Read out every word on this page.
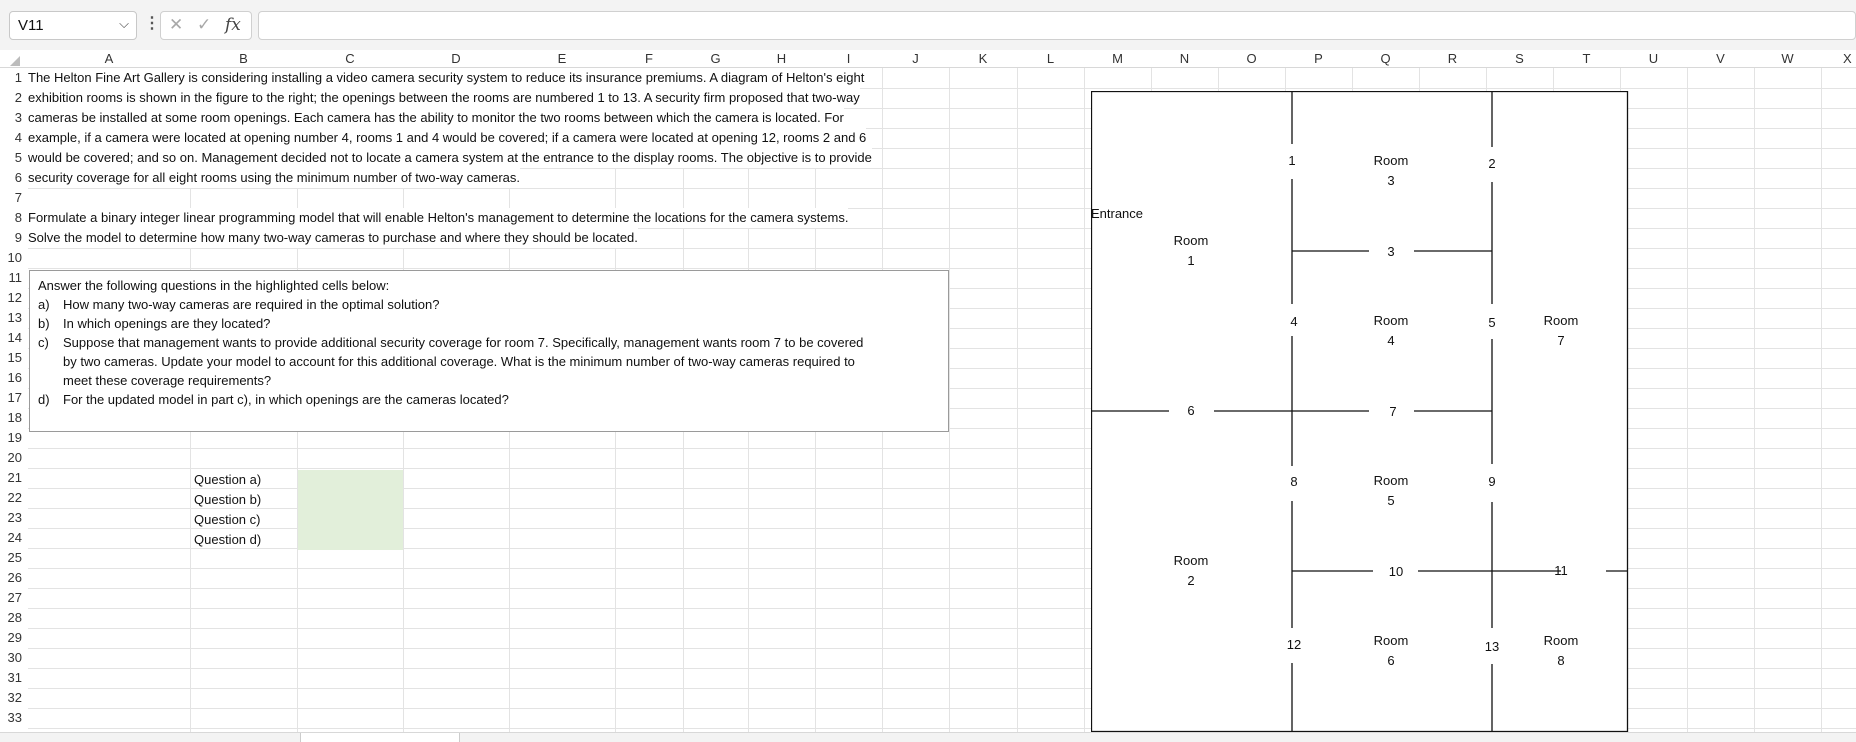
V11	⌵ ⋮ ✕ ✓ fx
A	B	C	D	E	F	G	H	I	J	K	L	M	N	O	P	Q	R	S	T	U	V	W	X
1
2
3
4
5
6
7
8
9
10
11
12
13
14
15
16
17
18
19
20
21
22
23
24
25
26
27
28
29
30
31
32
33
The Helton Fine Art Gallery is considering installing a video camera security system to reduce its insurance premiums. A diagram of Helton's eight
exhibition rooms is shown in the figure to the right; the openings between the rooms are numbered 1 to 13. A security firm proposed that two-way
cameras be installed at some room openings. Each camera has the ability to monitor the two rooms between which the camera is located. For
example, if a camera were located at opening number 4, rooms 1 and 4 would be covered; if a camera were located at opening 12, rooms 2 and 6
would be covered; and so on. Management decided not to locate a camera system at the entrance to the display rooms. The objective is to provide
security coverage for all eight rooms using the minimum number of two-way cameras.
Formulate a binary integer linear programming model that will enable Helton's management to determine the locations for the camera systems.
Solve the model to determine how many two-way cameras to purchase and where they should be located.
Answer the following questions in the highlighted cells below:
a) How many two-way cameras are required in the optimal solution?
b) In which openings are they located?
c) Suppose that management wants to provide additional security coverage for room 7. Specifically, management wants room 7 to be covered
by two cameras. Update your model to account for this additional coverage. What is the minimum number of two-way cameras required to
meet these coverage requirements?
d) For the updated model in part c), in which openings are the cameras located?
Question a)
Question b)
Question c)
Question d)
Entrance
Room
1
Room
3
Room
4
Room
7
Room
5
Room
2
Room
6
Room
8
1	2
3
4	5
6	7
8	9
10	11
12	13
